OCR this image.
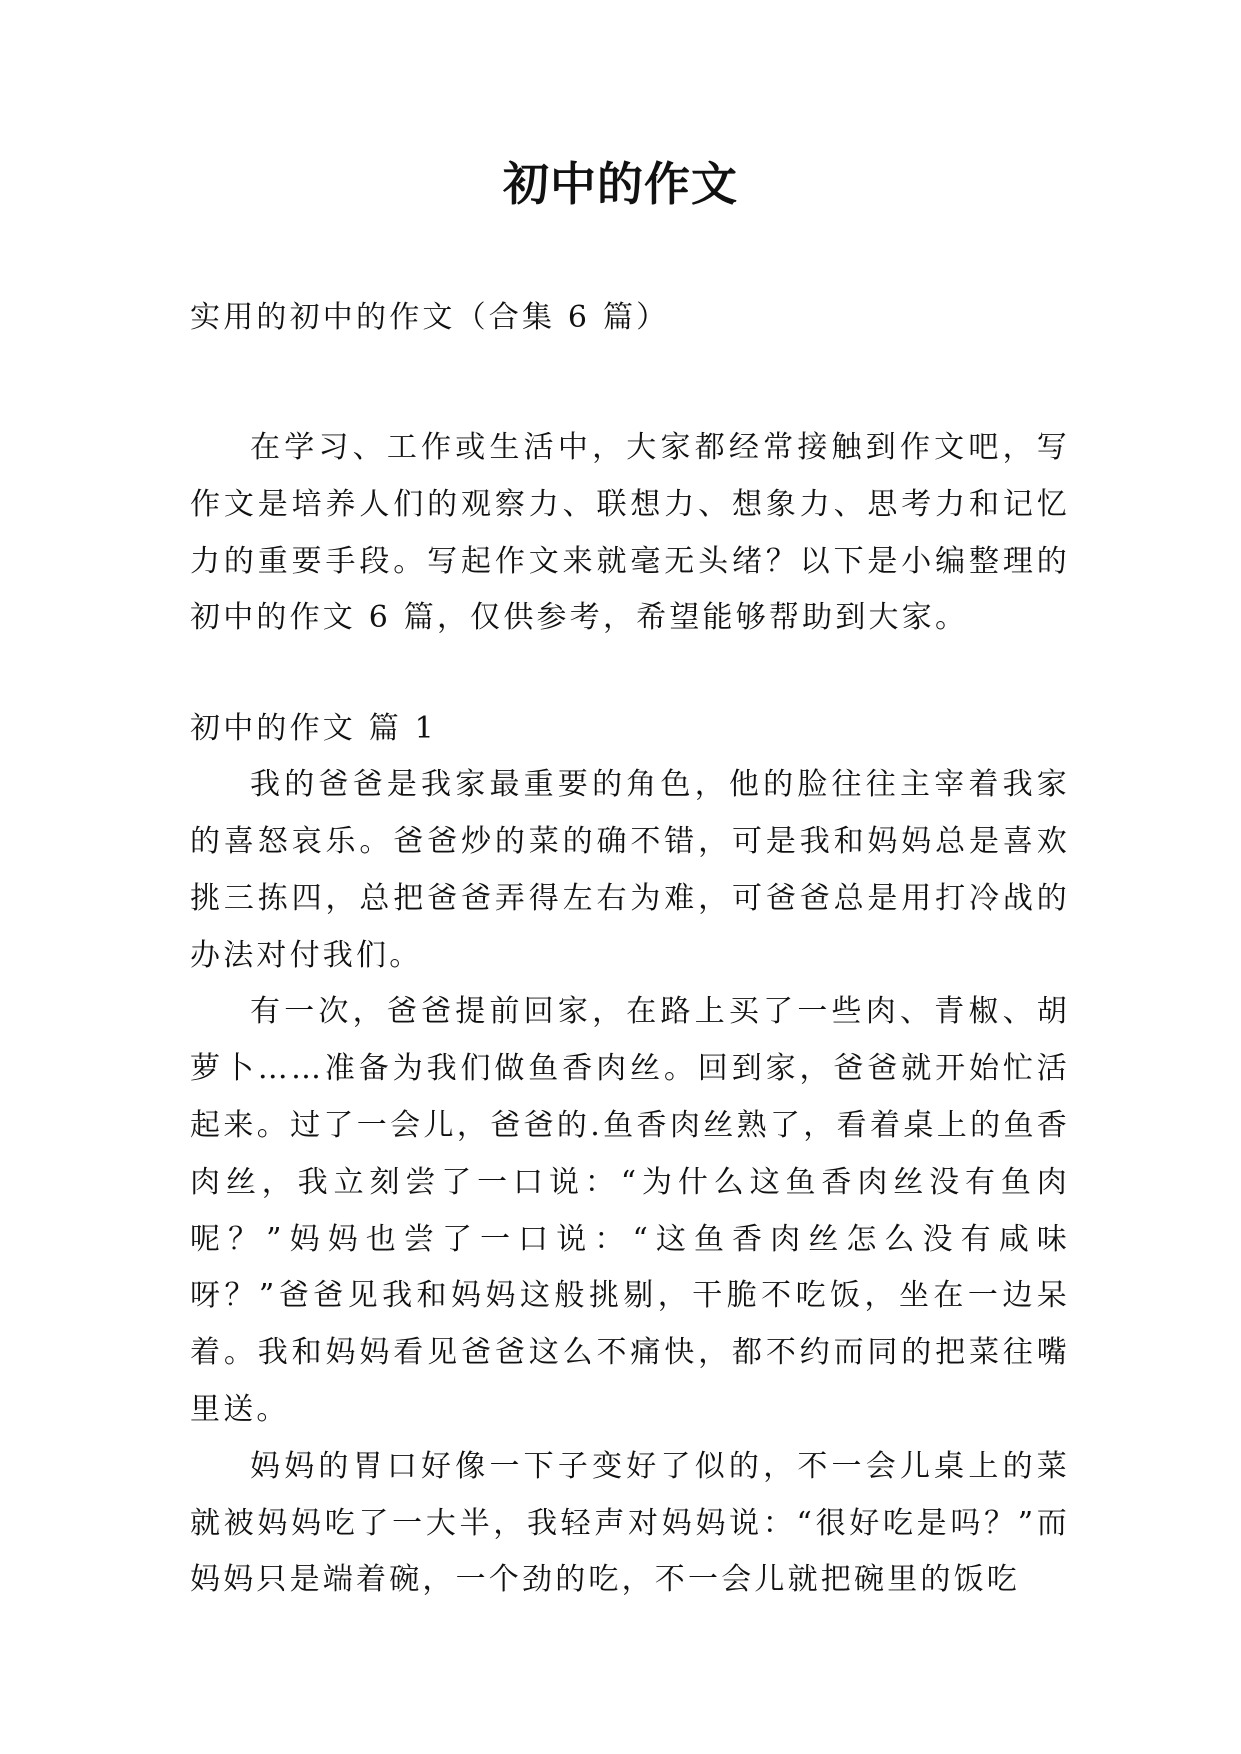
初中的作文

实用的初中的作文（合集 6 篇）

在学习、工作或生活中，大家都经常接触到作文吧，写作文是培养人们的观察力、联想力、想象力、思考力和记忆力的重要手段。写起作文来就毫无头绪？以下是小编整理的初中的作文 6 篇，仅供参考，希望能够帮助到大家。

初中的作文 篇 1

我的爸爸是我家最重要的角色，他的脸往往主宰着我家的喜怒哀乐。爸爸炒的菜的确不错，可是我和妈妈总是喜欢挑三拣四，总把爸爸弄得左右为难，可爸爸总是用打冷战的办法对付我们。

有一次，爸爸提前回家，在路上买了一些肉、青椒、胡萝卜……准备为我们做鱼香肉丝。回到家，爸爸就开始忙活起来。过了一会儿，爸爸的.鱼香肉丝熟了，看着桌上的鱼香肉丝，我立刻尝了一口说：“为什么这鱼香肉丝没有鱼肉呢？”妈妈也尝了一口说：“这鱼香肉丝怎么没有咸味呀？”爸爸见我和妈妈这般挑剔，干脆不吃饭，坐在一边呆着。我和妈妈看见爸爸这么不痛快，都不约而同的把菜往嘴里送。

妈妈的胃口好像一下子变好了似的，不一会儿桌上的菜就被妈妈吃了一大半，我轻声对妈妈说：“很好吃是吗？”而妈妈只是端着碗，一个劲的吃，不一会儿就把碗里的饭吃
